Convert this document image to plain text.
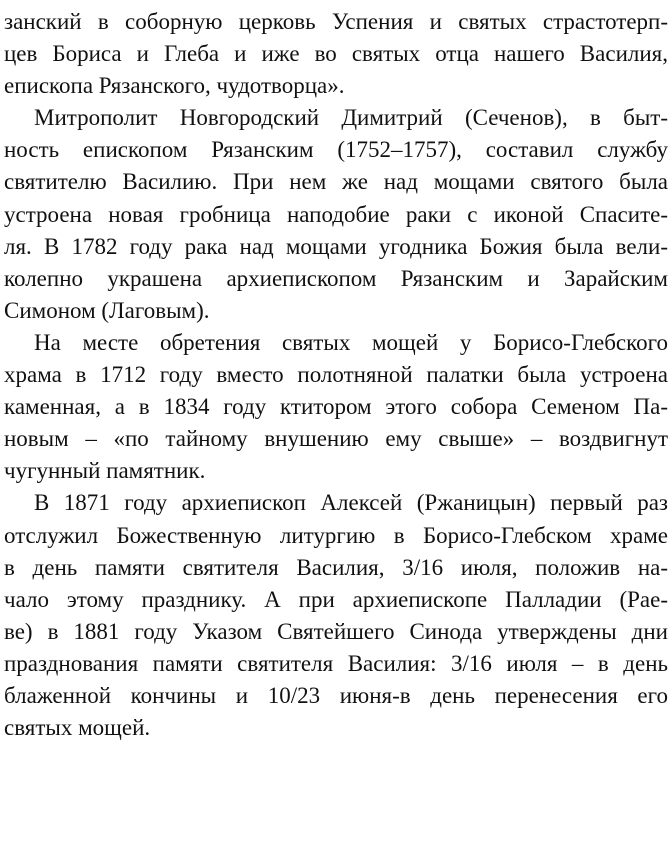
занский в соборную церковь Успения и святых страстотерп-
цев Бориса и Глеба и иже во святых отца нашего Василия,
епископа Рязанского, чудотворца».
Митрополит Новгородский Димитрий (Сеченов), в быт-
ность епископом Рязанским (1752–1757), составил службу
святителю Василию. При нем же над мощами святого была
устроена новая гробница наподобие раки с иконой Спасите-
ля. В 1782 году рака над мощами угодника Божия была вели-
колепно украшена архиепископом Рязанским и Зарайским
Симоном (Лаговым).
На месте обретения святых мощей у Борисо-Глебского
храма в 1712 году вместо полотняной палатки была устроена
каменная, а в 1834 году ктитором этого собора Семеном Па-
новым – «по тайному внушению ему свыше» – воздвигнут
чугунный памятник.
В 1871 году архиепископ Алексей (Ржаницын) первый раз
отслужил Божественную литургию в Борисо-Глебском храме
в день памяти святителя Василия, 3/16 июля, положив на-
чало этому празднику. А при архиепископе Палладии (Рае-
ве) в 1881 году Указом Святейшего Синода утверждены дни
празднования памяти святителя Василия: 3/16 июля – в день
блаженной кончины и 10/23 июня-в день перенесения его
святых мощей.
